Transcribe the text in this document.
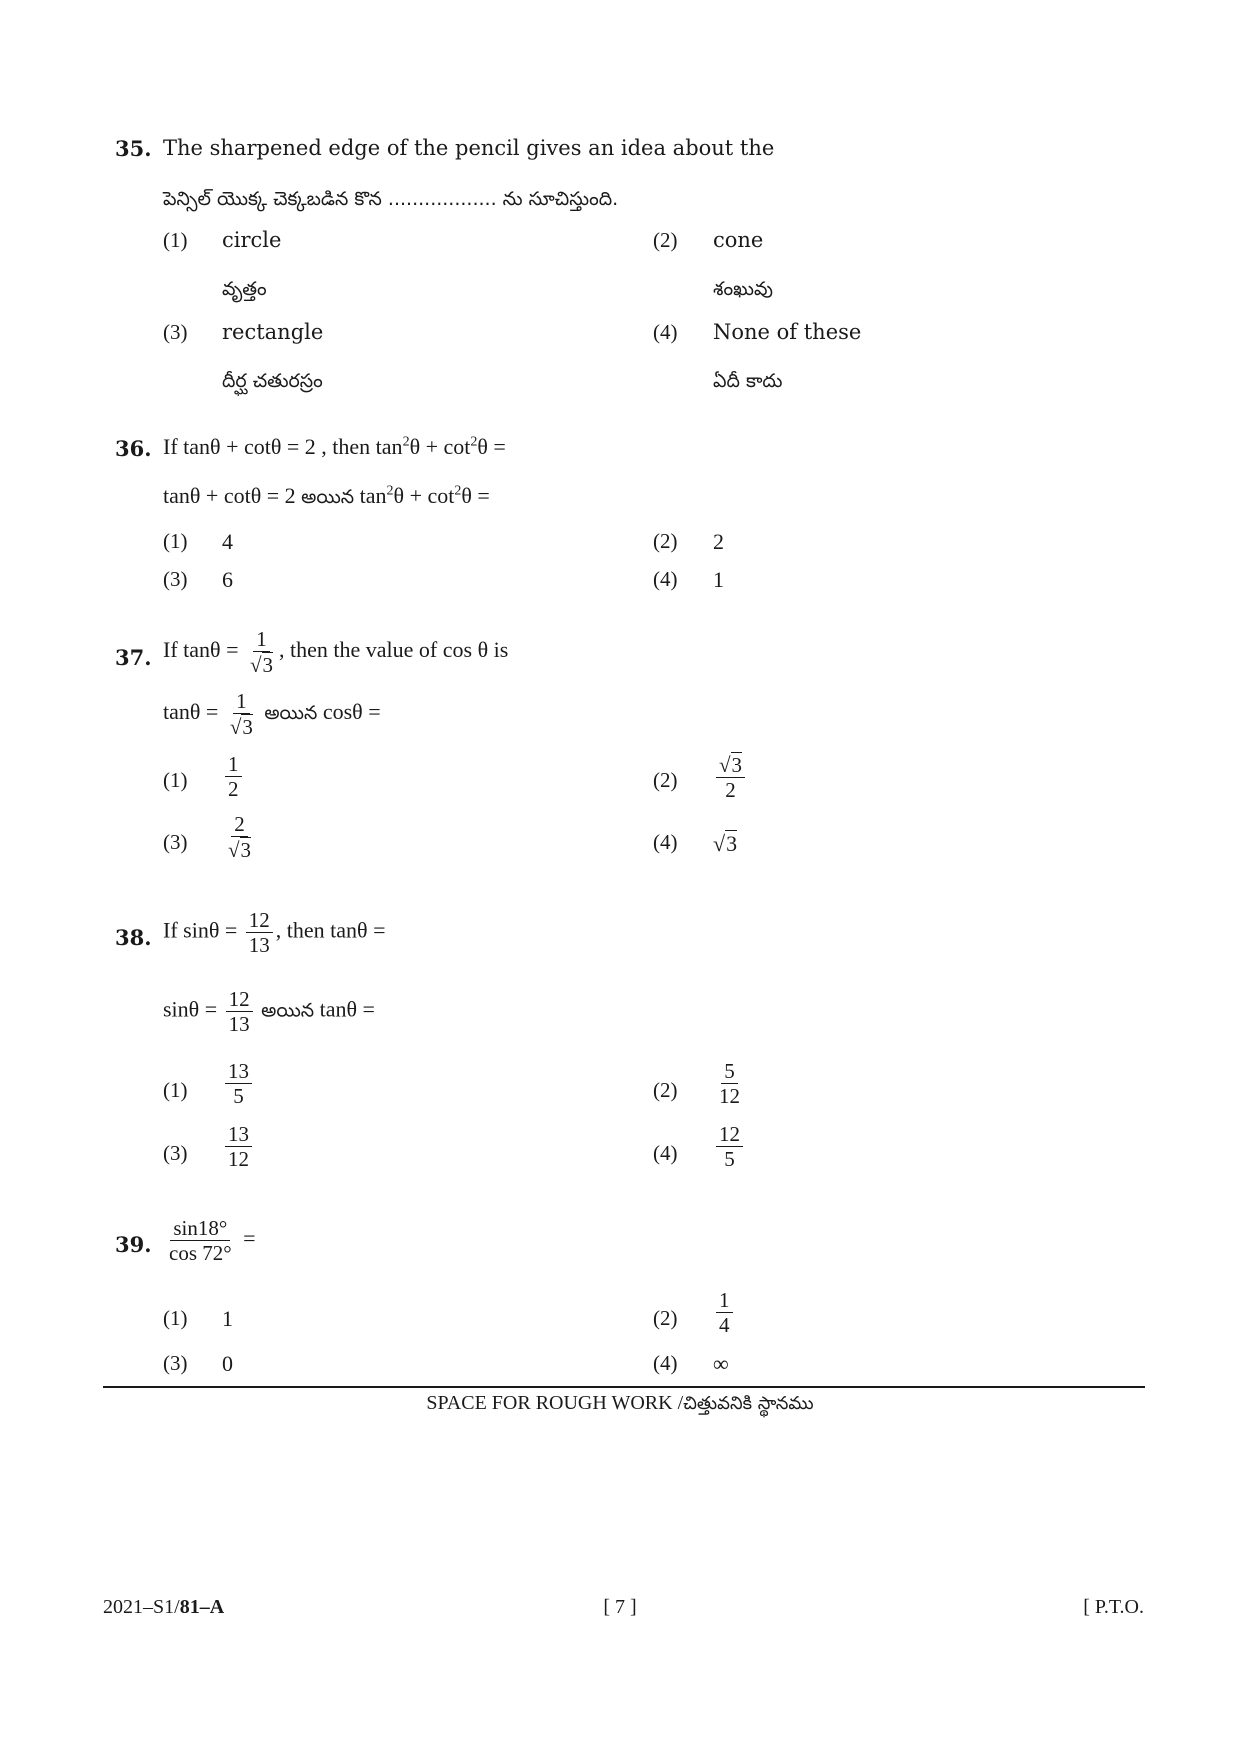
35. The sharpened edge of the pencil gives an idea about the
పెన్సిల్ యొక్క చెక్కబడిన కొన .................. ను సూచిస్తుంది.
(1) circle
వృత్తం
(2) cone
శంఖువు
(3) rectangle
దీర్ఘ చతురస్రం
(4) None of these
ఏదీ కాదు
36. If tanθ + cotθ = 2 , then $\tan^2\theta + \cot^2\theta$ =
tanθ + cotθ = 2 అయిన $\tan^2\theta + \cot^2\theta$ =
(1) 4	(2) 2
(3) 6	(4) 1
37. If $\tan\theta = \frac{1}{√3}$ , then the value of cos θ is
$\tan\theta = \frac{1}{√3}$ అయిన cosθ =
$(1) \frac{1}{2}$	$(2) \frac{√3}{2}$
$(3) \frac{2}{√3}$	(4) √3
38. If $\sin\theta = \frac{12}{13}$ , then tanθ =
$\sin\theta = \frac{12}{13}$ అయిన tanθ =
$(1) \frac{13}{5}$	$(2) \frac{5}{12}$
$(3) \frac{13}{12}$	$(4) \frac{12}{5}$
39. $\frac{\sin 18^\circ}{\cos 72^\circ}$ =
(1) 1	$(2) \frac{1}{4}$
(3) 0	(4) ∞
SPACE FOR ROUGH WORK /చిత్తువనికి స్థానము
2021–S1/81–A	[ 7 ]	[ P.T.O.
